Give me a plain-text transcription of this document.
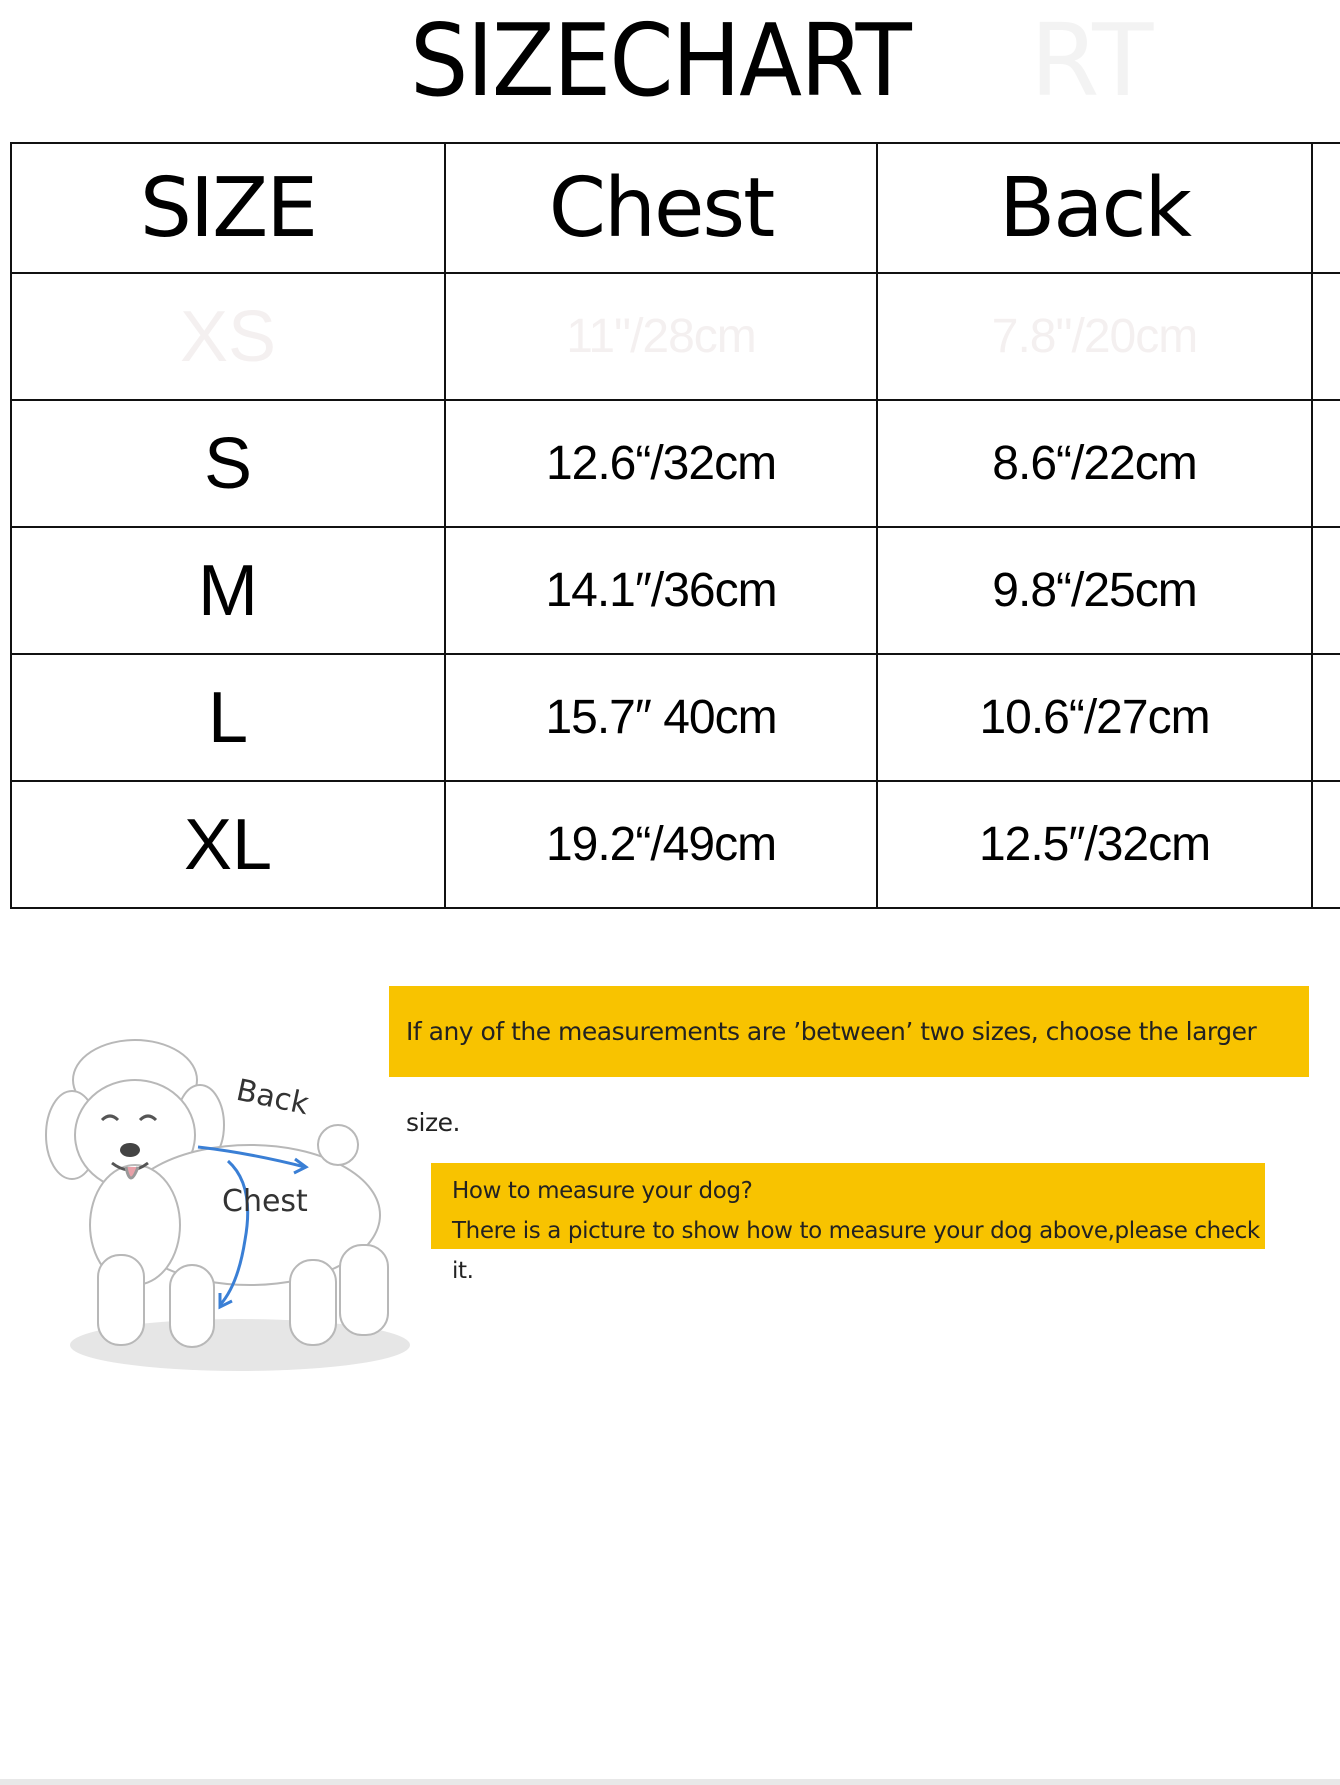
SIZECHART	RT
SIZE	Chest	Back	
XS	11"/28cm	7.8"/20cm	
S	12.6“/32cm	8.6“/22cm	
M	14.1″/36cm	9.8“/25cm	
L	15.7″ 40cm	10.6“/27cm	
XL	19.2“/49cm	12.5″/32cm	
Back
Chest
If any of the measurements are ’between’ two sizes, choose the larger size.
How to measure your dog?
There is a picture to show how to measure your dog above,please check it.
